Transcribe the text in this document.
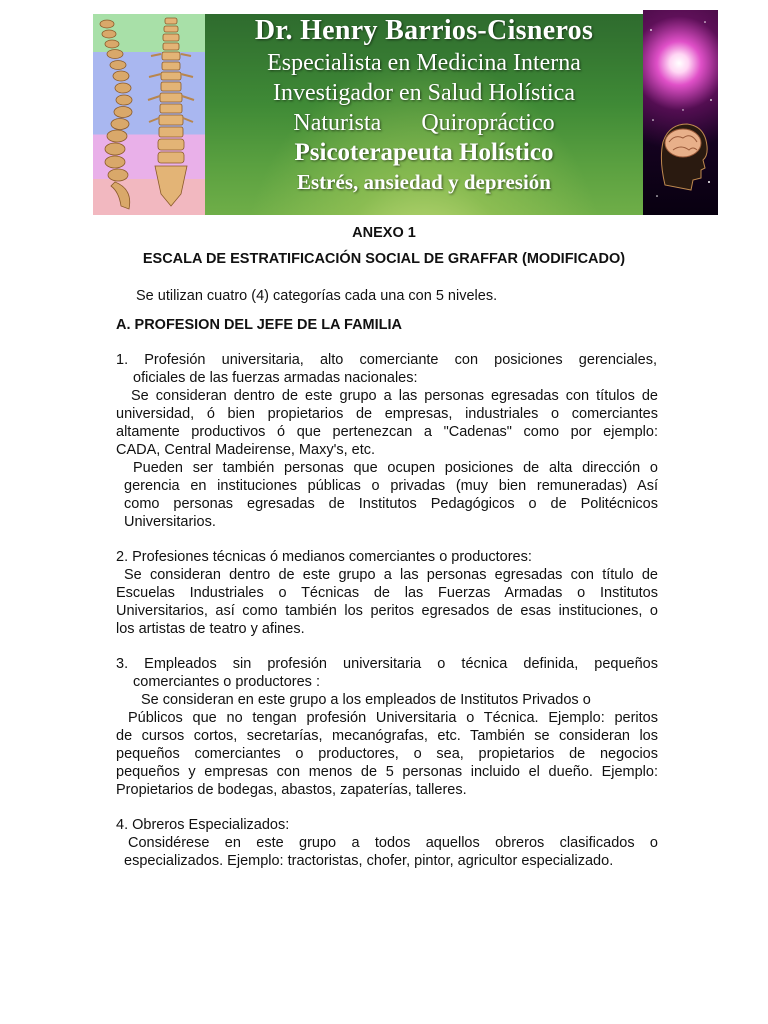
Dr. Henry Barrios-Cisneros
Especialista en Medicina Interna
Investigador en Salud Holística
Naturista Quiropráctico
Psicoterapeuta Holístico
Estrés, ansiedad y depresión
ANEXO 1
ESCALA DE ESTRATIFICACIÓN SOCIAL DE GRAFFAR (MODIFICADO)
Se utilizan cuatro (4) categorías cada una con 5 niveles.
A. PROFESION DEL JEFE DE LA FAMILIA
1. Profesión universitaria, alto comerciante con posiciones gerenciales,
oficiales de las fuerzas armadas nacionales:
Se consideran dentro de este grupo a las personas egresadas con títulos de
universidad, ó bien propietarios de empresas, industriales o comerciantes
altamente productivos ó que pertenezcan a "Cadenas" como por ejemplo:
CADA, Central Madeirense, Maxy's, etc.
Pueden ser también personas que ocupen posiciones de alta dirección o
gerencia en instituciones públicas o privadas (muy bien remuneradas) Así
como personas egresadas de Institutos Pedagógicos o de Politécnicos
Universitarios.
2. Profesiones técnicas ó medianos comerciantes o productores:
Se consideran dentro de este grupo a las personas egresadas con título de
Escuelas Industriales o Técnicas de las Fuerzas Armadas o Institutos
Universitarios, así como también los peritos egresados de esas instituciones, o
los artistas de teatro y afines.
3. Empleados sin profesión universitaria o técnica definida, pequeños
comerciantes o productores :
Se consideran en este grupo a los empleados de Institutos Privados o
Públicos que no tengan profesión Universitaria o Técnica. Ejemplo: peritos
de cursos cortos, secretarías, mecanógrafas, etc. También se consideran los
pequeños comerciantes o productores, o sea, propietarios de negocios
pequeños y empresas con menos de 5 personas incluido el dueño. Ejemplo:
Propietarios de bodegas, abastos, zapaterías, talleres.
4. Obreros Especializados:
Considérese en este grupo a todos aquellos obreros clasificados o
especializados. Ejemplo: tractoristas, chofer, pintor, agricultor especializado.
